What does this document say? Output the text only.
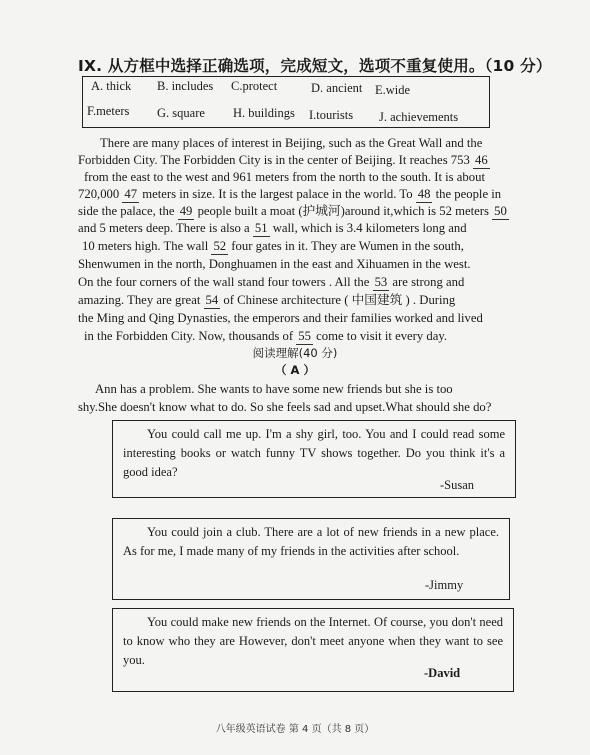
IX. 从方框中选择正确选项，完成短文，选项不重复使用。（10 分）
A. thick B. includes C.protect	D. ancient E.wide
F.meters G. square H. buildings I.tourists J. achievements
There are many places of interest in Beijing, such as the Great Wall and the
Forbidden City. The Forbidden City is in the center of Beijing. It reaches 753 46
from the east to the west and 961 meters from the north to the south. It is about
720,000 47 meters in size. It is the largest palace in the world. To 48 the people in
side the palace, the 49 people built a moat (护城河)around it,which is 52 meters 50
and 5 meters deep. There is also a 51 wall, which is 3.4 kilometers long and
10 meters high. The wall 52 four gates in it. They are Wumen in the south,
Shenwumen in the north, Donghuamen in the east and Xihuamen in the west.
On the four corners of the wall stand four towers . All the 53 are strong and
amazing. They are great 54 of Chinese architecture ( 中国建筑 ) . During
the Ming and Qing Dynasties, the emperors and their families worked and lived
in the Forbidden City. Now, thousands of 55 come to visit it every day.
阅读理解(40 分)
（ A ）
Ann has a problem. She wants to have some new friends but she is too
shy.She doesn't know what to do. So she feels sad and upset.What should she do?

You could call me up. I'm a shy girl, too. You and I could read some interesting books or watch funny TV shows together. Do you think it's a good idea?

-Susan

You could join a club. There are a lot of new friends in a new place. As for me, I made many of my friends in the activities after school.

-Jimmy

You could make new friends on the Internet. Of course, you don't need to know who they are However, don't meet anyone when they want to see you.

-David
八年级英语试卷 第 4 页（共 8 页）
